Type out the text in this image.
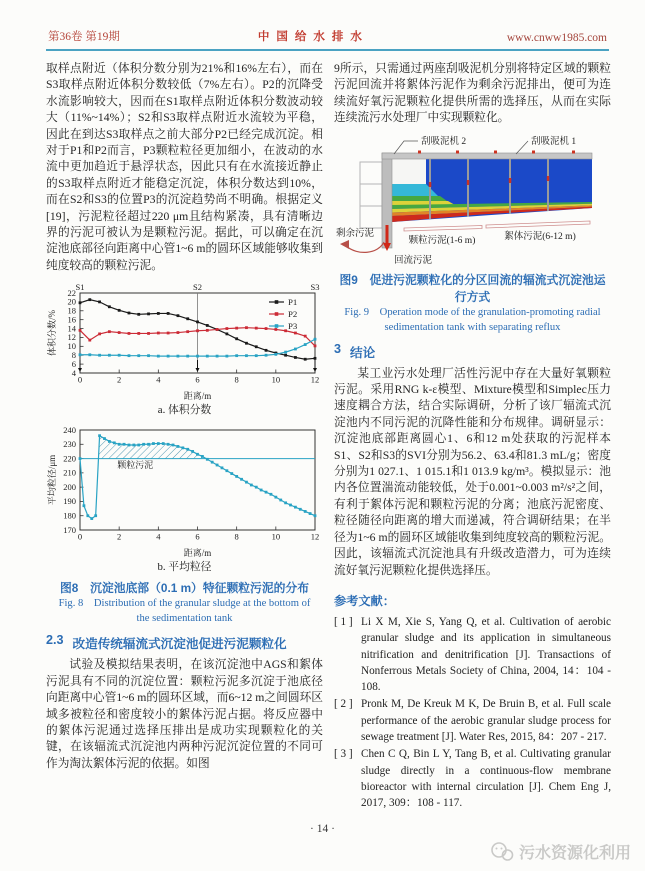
第36卷 第19期	中国给水排水	www.cnww1985.com

取样点附近（体积分数分别为21%和16%左右），而在S3取样点附近体积分数较低（7%左右）。P2的沉降受水流影响较大，因而在S1取样点附近体积分数波动较大（11%~14%）；S2和S3取样点附近水流较为平稳，因此在到达S3取样点之前大部分P2已经完成沉淀。相对于P1和P2而言，P3颗粒粒径更加细小，在波动的水流中更加趋近于悬浮状态，因此只有在水流接近静止的S3取样点附近才能稳定沉淀，体积分数达到10%，而在S2和S3的位置P3的沉淀趋势尚不明确。根据定义[19]，污泥粒径超过220 μm且结构紧凑，具有清晰边界的污泥可被认为是颗粒污泥。据此，可以确定在沉淀池底部径向距离中心管1~6 m的圆环区域能够收集到纯度较高的颗粒污泥。

4
6
8
10
12
14
16
18
20
22
0	2	4	6	8	10	12
距离/m
体积分数/%
S1	S2	S3
P1
P2
P3
a. 体积分数
170
180
190
200
210
220
230
240
0	2	4	6	8	10	12
距离/m
平均粒径/μm	颗粒污泥
b. 平均粒径
图8　沉淀池底部（0.1 m）特征颗粒污泥的分布
Fig. 8　Distribution of the granular sludge at the bottom of
the sedimentation tank
2.3 改造传统辐流式沉淀池促进污泥颗粒化

试验及模拟结果表明，在该沉淀池中AGS和絮体污泥具有不同的沉淀位置：颗粒污泥多沉淀于池底径向距离中心管1~6 m的圆环区域，而6~12 m之间圆环区域多被粒径和密度较小的絮体污泥占据。将反应器中的絮体污泥通过选择压排出是成功实现颗粒化的关键，在该辐流式沉淀池内两种污泥沉淀位置的不同可作为淘汰絮体污泥的依据。如图

9所示，只需通过两座刮吸泥机分别将特定区域的颗粒污泥回流并将絮体污泥作为剩余污泥排出，便可为连续流好氧污泥颗粒化提供所需的选择压，从而在实际连续流污水处理厂中实现颗粒化。

刮吸泥机 2	刮吸泥机 1
剩余污泥
回流污泥
颗粒污泥(1-6 m)	絮体污泥(6-12 m)
图9　促进污泥颗粒化的分区回流的辐流式沉淀池运行方式
Fig. 9　Operation mode of the granulation-promoting radial
sedimentation tank with separating reflux
3 结论

某工业污水处理厂活性污泥中存在大量好氧颗粒污泥。采用RNG k-ε模型、Mixture模型和Simplec压力速度耦合方法，结合实际调研，分析了该厂辐流式沉淀池内不同污泥的沉降性能和分布规律。调研显示：沉淀池底部距离圆心1、6和12 m处获取的污泥样本S1、S2和S3的SVI分别为56.2、63.4和81.3 mL/g；密度分别为1 027.1、1 015.1和1 013.9 kg/m³。模拟显示：池内各位置湍流动能较低，处于0.001~0.003 m²/s²之间，有利于絮体污泥和颗粒污泥的分离；池底污泥密度、粒径随径向距离的增大而递减，符合调研结果；在半径为1~6 m的圆环区域能收集到纯度较高的颗粒污泥。因此，该辐流式沉淀池具有升级改造潜力，可为连续流好氧污泥颗粒化提供选择压。

参考文献：
[ 1 ] Li X M, Xie S, Yang Q, et al. Cultivation of aerobic granular sludge and its application in simultaneous nitrification and denitrification [J]. Transactions of Nonferrous Metals Society of China, 2004, 14：104 - 108.
[ 2 ] Pronk M, De Kreuk M K, De Bruin B, et al. Full scale performance of the aerobic granular sludge process for sewage treatment [J]. Water Res, 2015, 84：207 - 217.
[ 3 ] Chen C Q, Bin L Y, Tang B, et al. Cultivating granular sludge directly in a continuous-flow membrane bioreactor with internal circulation [J]. Chem Eng J, 2017, 309：108 - 117.
· 14 ·
污水资源化利用
